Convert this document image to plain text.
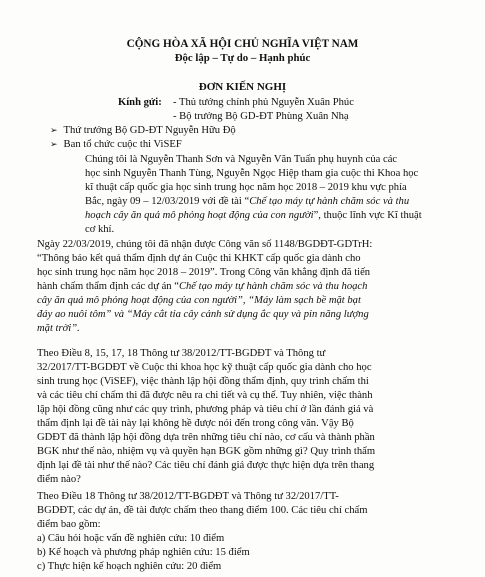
CỘNG HÒA XÃ HỘI CHỦ NGHĨA VIỆT NAM
Độc lập – Tự do – Hạnh phúc
ĐƠN KIẾN NGHỊ
Kính gửi: - Thủ tướng chính phủ Nguyễn Xuân Phúc
- Bộ trưởng Bộ GD-ĐT Phùng Xuân Nhạ
➢ Thứ trưởng Bộ GD-ĐT Nguyễn Hữu Độ
➢ Ban tổ chức cuộc thi ViSEF
Chúng tôi là Nguyễn Thanh Sơn và Nguyễn Văn Tuấn phụ huynh của các
học sinh Nguyễn Thanh Tùng, Nguyễn Ngọc Hiệp tham gia cuộc thi Khoa học
kĩ thuật cấp quốc gia học sinh trung học năm học 2018 – 2019 khu vực phía
Bắc, ngày 09 – 12/03/2019 với đề tài “Chế tạo máy tự hành chăm sóc và thu
hoạch cây ăn quả mô phỏng hoạt động của con người”, thuộc lĩnh vực Kĩ thuật
cơ khí.
Ngày 22/03/2019, chúng tôi đã nhận được Công văn số 1148/BGDĐT-GDTrH:
“Thông báo kết quả thẩm định dự án Cuộc thi KHKT cấp quốc gia dành cho
học sinh trung học năm học 2018 – 2019”. Trong Công văn khẳng định đã tiến
hành chấm thẩm định các dự án “Chế tạo máy tự hành chăm sóc và thu hoạch
cây ăn quả mô phỏng hoạt động của con người”, “Máy làm sạch bề mặt bạt
đáy ao nuôi tôm” và “Máy cắt tỉa cây cảnh sử dụng ắc quy và pin năng lượng
mặt trời”.
Theo Điều 8, 15, 17, 18 Thông tư 38/2012/TT-BGDĐT và Thông tư
32/2017/TT-BGDĐT về Cuộc thi khoa học kỹ thuật cấp quốc gia dành cho học
sinh trung học (ViSEF), việc thành lập hội đồng thẩm định, quy trình chấm thi
và các tiêu chí chấm thi đã được nêu ra chi tiết và cụ thể. Tuy nhiên, việc thành
lập hội đồng cũng như các quy trình, phương pháp và tiêu chí ở lần đánh giá và
thẩm định lại đề tài này lại không hề được nói đến trong công văn. Vậy Bộ
GDĐT đã thành lập hội đồng dựa trên những tiêu chí nào, cơ cấu và thành phần
BGK như thế nào, nhiệm vụ và quyền hạn BGK gồm những gì? Quy trình thẩm
định lại đề tài như thế nào? Các tiêu chí đánh giá được thực hiện dựa trên thang
điểm nào?
Theo Điều 18 Thông tư 38/2012/TT-BGDĐT và Thông tư 32/2017/TT-
BGDĐT, các dự án, đề tài được chấm theo thang điểm 100. Các tiêu chí chấm
điểm bao gồm:
a) Câu hỏi hoặc vấn đề nghiên cứu: 10 điểm
b) Kế hoạch và phương pháp nghiên cứu: 15 điểm
c) Thực hiện kế hoạch nghiên cứu: 20 điểm
